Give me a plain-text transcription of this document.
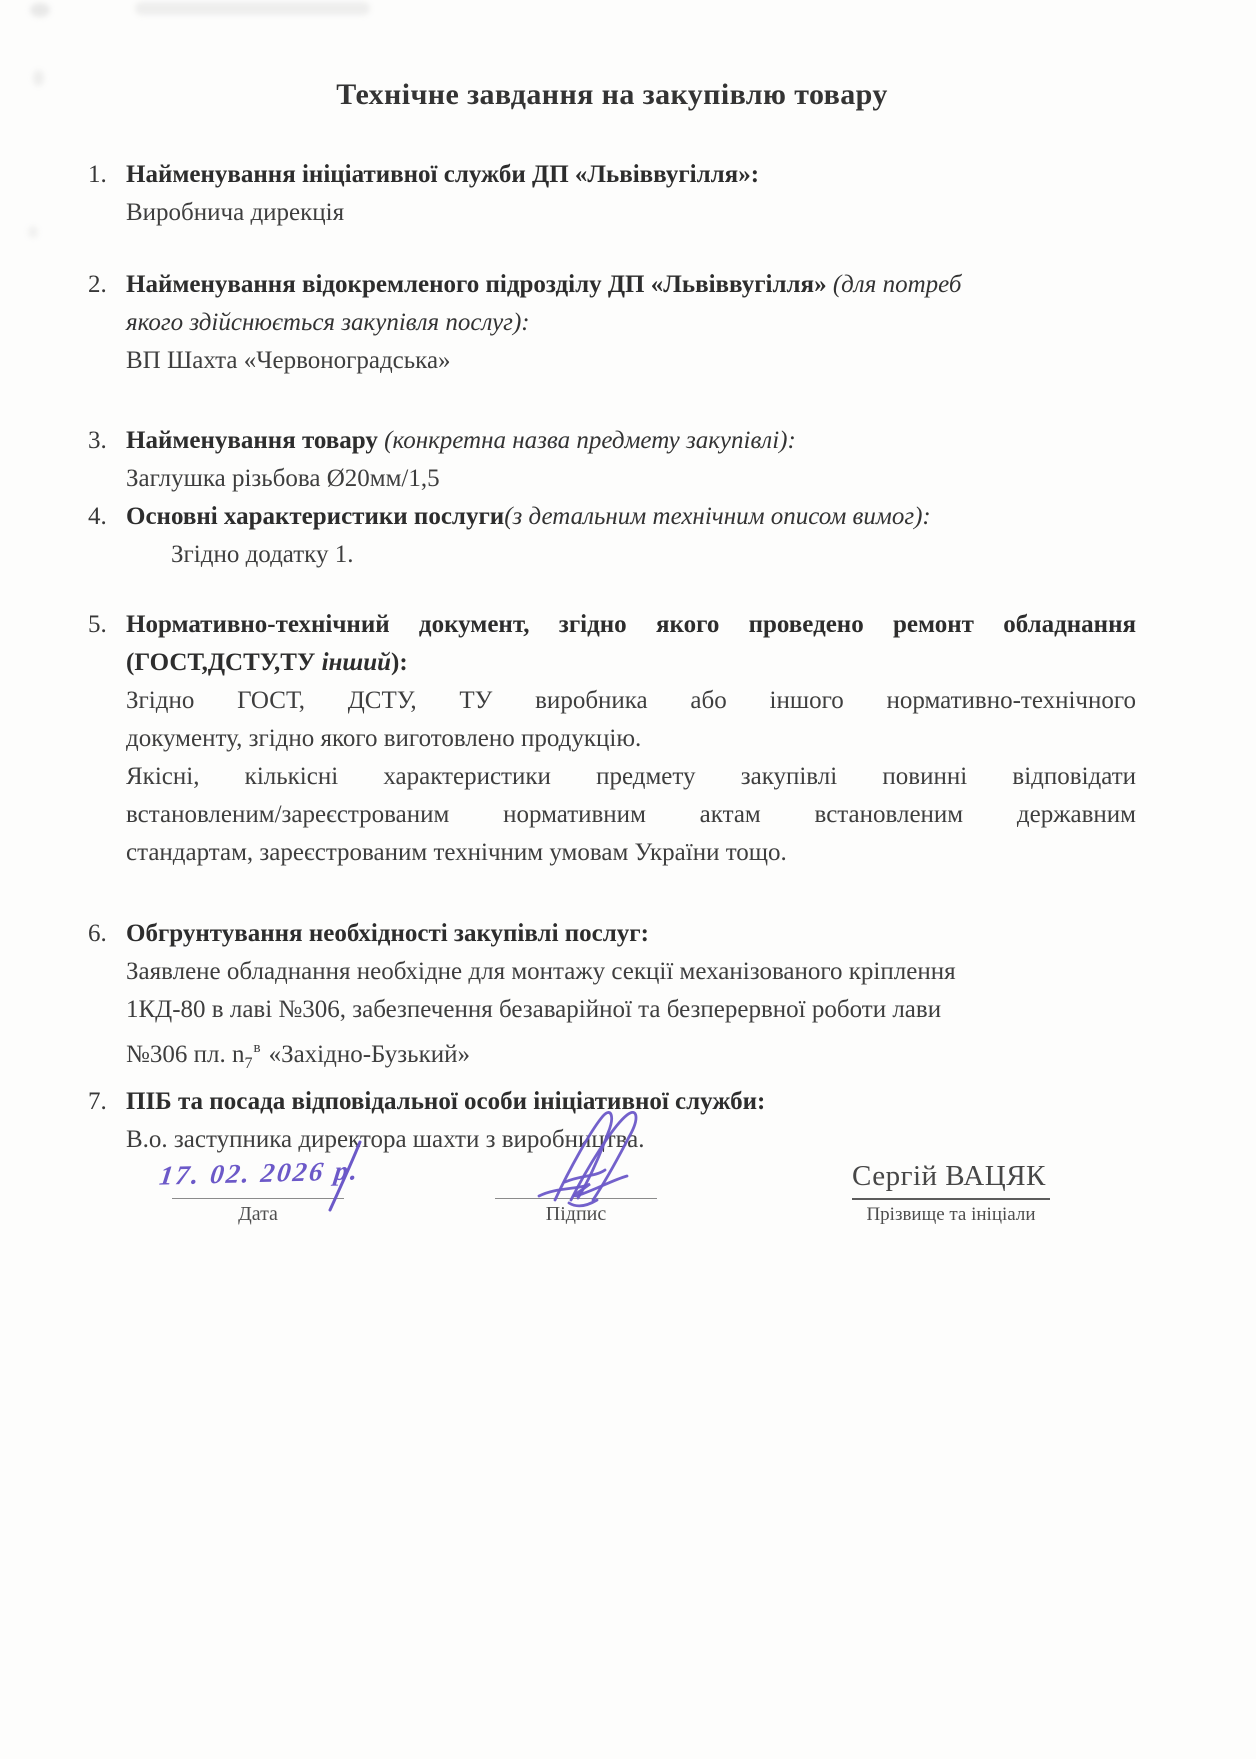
Технічне завдання на закупівлю товару
1. Найменування ініціативної служби ДП «Львіввугілля»:
Виробнича дирекція
2. Найменування відокремленого підрозділу ДП «Львіввугілля» (для потреб
якого здійснюється закупівля послуг):
ВП Шахта «Червоноградська»
3. Найменування товару (конкретна назва предмету закупівлі):
Заглушка різьбова Ø20мм/1,5
4. Основні характеристики послуги(з детальним технічним описом вимог):
Згідно додатку 1.
5. Нормативно-технічний документ, згідно якого проведено ремонт обладнання
(ГОСТ,ДСТУ,ТУ інший):
Згідно ГОСТ, ДСТУ, ТУ виробника або іншого нормативно-технічного
документу, згідно якого виготовлено продукцію.
Якісні, кількісні характеристики предмету закупівлі повинні відповідати
встановленим/зареєстрованим нормативним актам встановленим державним
стандартам, зареєстрованим технічним умовам України тощо.
6. Обгрунтування необхідності закупівлі послуг:
Заявлене обладнання необхідне для монтажу секції механізованого кріплення
1КД-80 в лаві №306, забезпечення безаварійної та безперервної роботи лави
№306 пл. $n_7^в$ «Західно-Бузький»
7. ПІБ та посада відповідальної особи ініціативної служби:
В.о. заступника директора шахти з виробництва.
17. 02. 2026 р.
Дата	Підпис
Сергій ВАЦЯК
Прізвище та ініціали
